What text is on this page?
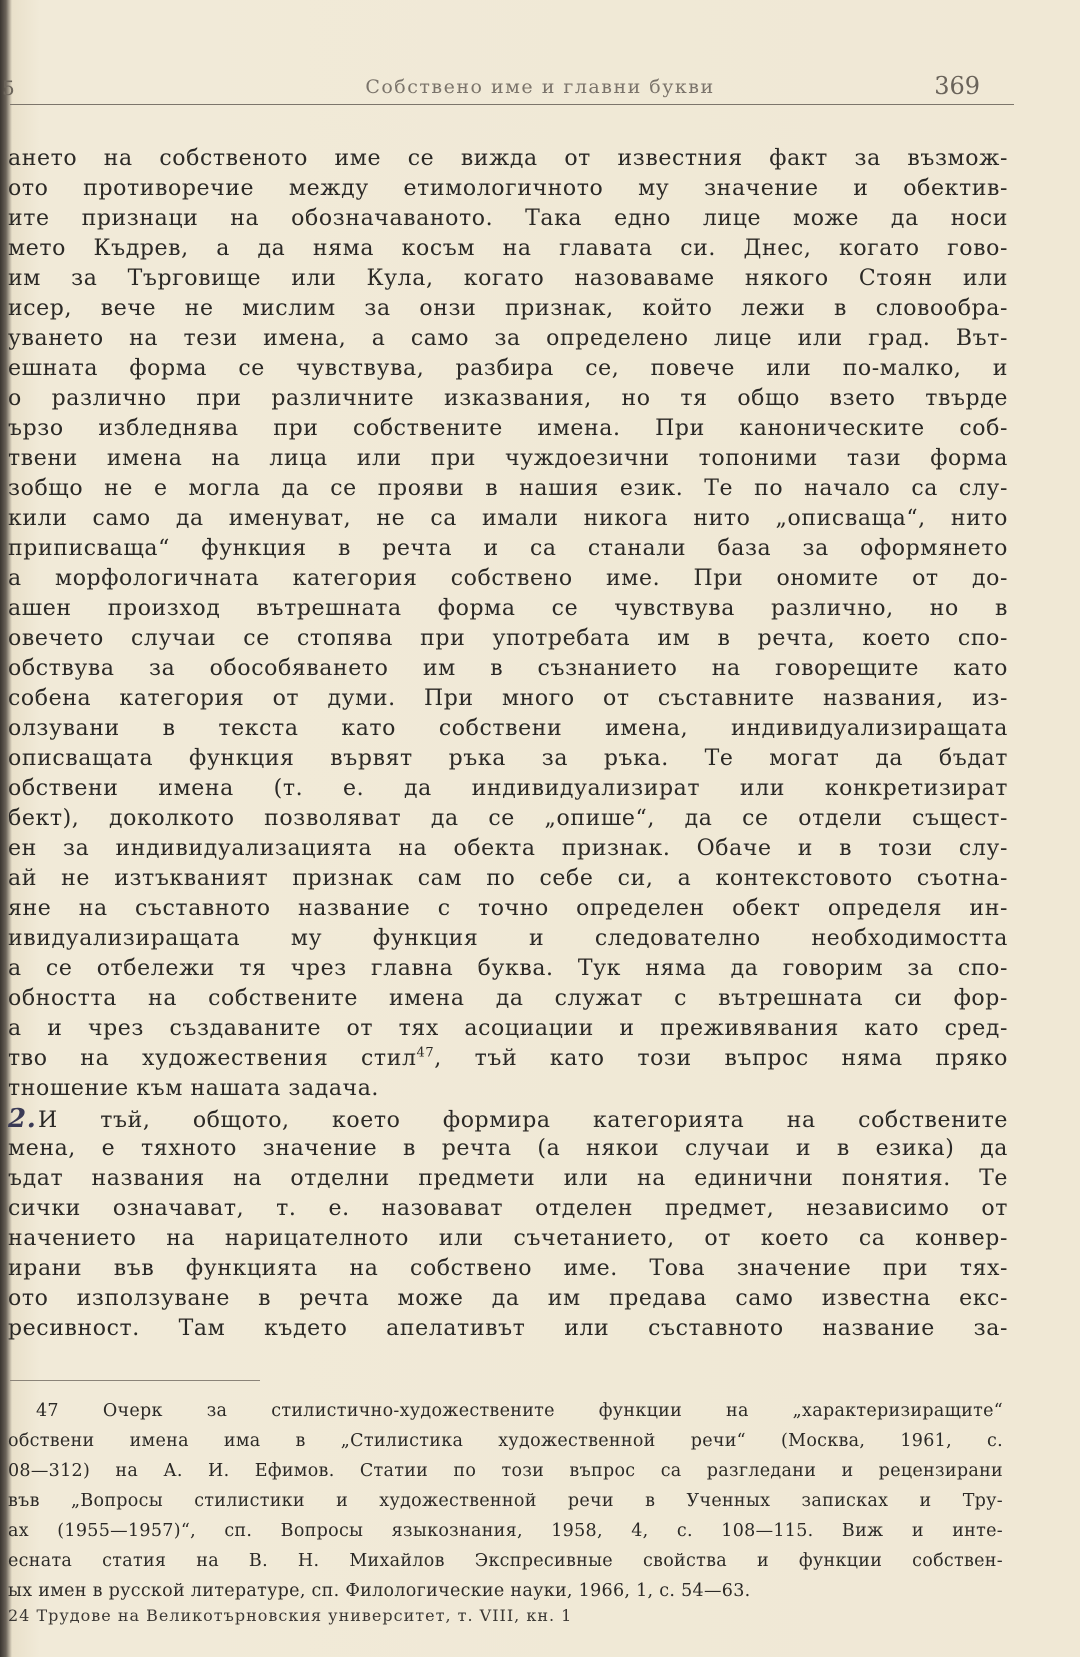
5	Собствено име и главни букви	369
ането на собственото име се вижда от известния факт за възмож-
ото противоречие между етимологичното му значение и обектив-
ите признаци на обозначаваното. Така едно лице може да носи
мето Къдрев, а да няма косъм на главата си. Днес, когато гово-
им за Търговище или Кула, когато назоваваме някого Стоян или
исер, вече не мислим за онзи признак, който лежи в словообра-
уването на тези имена, а само за определено лице или град. Вът-
ешната форма се чувствува, разбира се, повече или по-малко, и
о различно при различните изказвания, но тя общо взето твърде
ързо избледнява при собствените имена. При каноническите соб-
твени имена на лица или при чуждоезични топоними тази форма
зобщо не е могла да се прояви в нашия език. Те по начало са слу-
кили само да именуват, не са имали никога нито „описваща“, нито
приписваща“ функция в речта и са станали база за оформянето
а морфологичната категория собствено име. При ономите от до-
ашен произход вътрешната форма се чувствува различно, но в
овечето случаи се стопява при употребата им в речта, което спо-
обствува за обособяването им в съзнанието на говорещите като
собена категория от думи. При много от съставните названия, из-
олзувани в текста като собствени имена, индивидуализиращата
описващата функция вървят ръка за ръка. Те могат да бъдат
обствени имена (т. е. да индивидуализират или конкретизират
бект), доколкото позволяват да се „опише“, да се отдели същест-
ен за индивидуализацията на обекта признак. Обаче и в този слу-
ай не изтъкваният признак сам по себе си, а контекстовото съотна-
яне на съставното название с точно определен обект определя ин-
ивидуализиращата му функция и следователно необходимостта
а се отбележи тя чрез главна буква. Тук няма да говорим за спо-
обността на собствените имена да служат с вътрешната си фор-
а и чрез създаваните от тях асоциации и преживявания като сред-
тво на художествения стил$^{47}$, тъй като този въпрос няма пряко
тношение към нашата задача.
2.И тъй, общото, което формира категорията на собствените
мена, е тяхното значение в речта (а някои случаи и в езика) да
ъдат названия на отделни предмети или на единични понятия. Те
сички означават, т. е. назовават отделен предмет, независимо от
начението на нарицателното или съчетанието, от което са конвер-
ирани във функцията на собствено име. Това значение при тях-
ото използуване в речта може да им предава само известна екс-
ресивност. Там където апелативът или съставното название за-
47 Очерк за стилистично-художествените функции на „характеризиращите“
обствени имена има в „Стилистика художественной речи“ (Москва, 1961, с.
08—312) на А. И. Ефимов. Статии по този въпрос са разгледани и рецензирани
във „Вопросы стилистики и художественной речи в Ученных записках и Тру-
ах (1955—1957)“, сп. Вопросы языкознания, 1958, 4, с. 108—115. Виж и инте-
есната статия на В. Н. Михайлов Экспресивные свойства и функции собствен-
ых имен в русской литературе, сп. Филологические науки, 1966, 1, с. 54—63.
24 Трудове на Великотърновския университет, т. VIII, кн. 1
